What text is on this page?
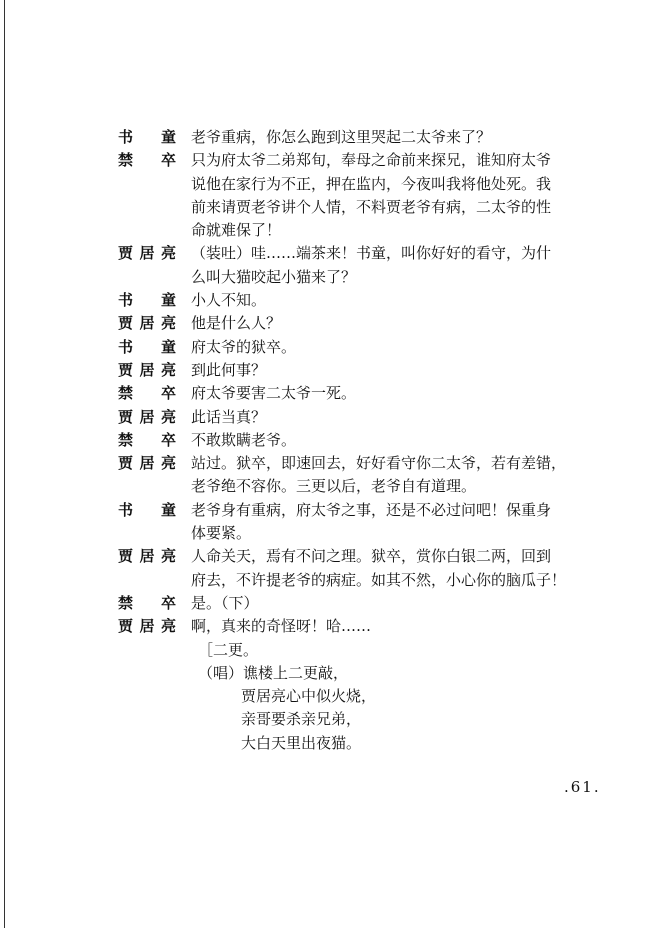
书童 老爷重病，你怎么跑到这里哭起二太爷来了？
禁卒 只为府太爷二弟郑旬，奉母之命前来探兄，谁知府太爷
说他在家行为不正，押在监内，今夜叫我将他处死。我
前来请贾老爷讲个人情，不料贾老爷有病，二太爷的性
命就难保了！
贾居亮 （装吐）哇……端茶来！书童，叫你好好的看守，为什
么叫大猫咬起小猫来了？
书童 小人不知。
贾居亮 他是什么人？
书童 府太爷的狱卒。
贾居亮 到此何事？
禁卒 府太爷要害二太爷一死。
贾居亮 此话当真？
禁卒 不敢欺瞒老爷。
贾居亮 站过。狱卒，即速回去，好好看守你二太爷，若有差错，
老爷绝不容你。三更以后，老爷自有道理。
书童 老爷身有重病，府太爷之事，还是不必过问吧！保重身
体要紧。
贾居亮 人命关天，焉有不问之理。狱卒，赏你白银二两，回到
府去，不许提老爷的病症。如其不然，小心你的脑瓜子！
禁卒 是。（下）
贾居亮 啊，真来的奇怪呀！哈……
［二更。
（唱）谯楼上二更敲，
贾居亮心中似火烧，
亲哥要杀亲兄弟，
大白天里出夜猫。
.61.
